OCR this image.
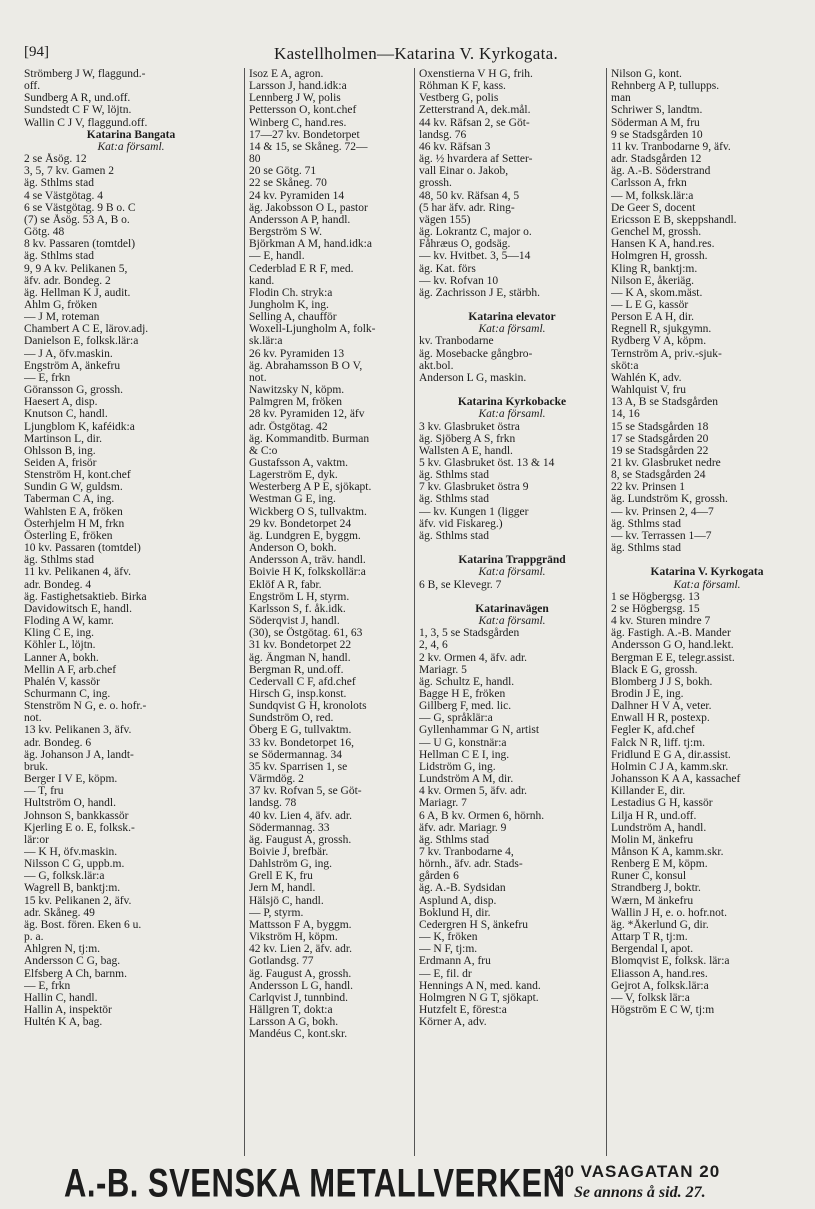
[94]	Kastellholmen—Katarina V. Kyrkogata.
Strömberg J W, flaggund.-
off.
Sundberg A R, und.off.
Sundstedt C F W, löjtn.
Wallin C J V, flaggund.off.
Katarina Bangata
Kat:a församl.
2 se Åsög. 12
3, 5, 7 kv. Gamen 2
äg. Sthlms stad
4 se Västgötag. 4
6 se Västgötag. 9 B o. C
(7) se Åsög. 53 A, B o.
Götg. 48
8 kv. Passaren (tomtdel)
äg. Sthlms stad
9, 9 A kv. Pelikanen 5,
äfv. adr. Bondeg. 2
äg. Hellman K J, audit.
Ahlm G, fröken
— J M, roteman
Chambert A C E, lärov.adj.
Danielson E, folksk.lär:a
— J A, öfv.maskin.
Engström A, änkefru
— E, frkn
Göransson G, grossh.
Haesert A, disp.
Knutson C, handl.
Ljungblom K, kaféidk:a
Martinson L, dir.
Ohlsson B, ing.
Seiden A, frisör
Stenström H, kont.chef
Sundin G W, guldsm.
Taberman C A, ing.
Wahlsten E A, fröken
Österhjelm H M, frkn
Österling E, fröken
10 kv. Passaren (tomtdel)
äg. Sthlms stad
11 kv. Pelikanen 4, äfv.
adr. Bondeg. 4
äg. Fastighetsaktieb. Birka
Davidowitsch E, handl.
Floding A W, kamr.
Kling C E, ing.
Köhler L, löjtn.
Lanner A, bokh.
Mellin A F, arb.chef
Phalén V, kassör
Schurmann C, ing.
Stenström N G, e. o. hofr.-
not.
13 kv. Pelikanen 3, äfv.
adr. Bondeg. 6
äg. Johanson J A, landt-
bruk.
Berger I V E, köpm.
— T, fru
Hultström O, handl.
Johnson S, bankkassör
Kjerling E o. E, folksk.-
lär:or
— K H, öfv.maskin.
Nilsson C G, uppb.m.
— G, folksk.lär:a
Wagrell B, banktj:m.
15 kv. Pelikanen 2, äfv.
adr. Skåneg. 49
äg. Bost. fören. Eken 6 u.
p. a.
Ahlgren N, tj:m.
Andersson C G, bag.
Elfsberg A Ch, barnm.
— E, frkn
Hallin C, handl.
Hallin A, inspektör
Hultén K A, bag.
Isoz E A, agron.
Larsson J, hand.idk:a
Lennberg J W, polis
Pettersson O, kont.chef
Winberg C, hand.res.
17—27 kv. Bondetorpet
14 & 15, se Skåneg. 72—
80
20 se Götg. 71
22 se Skåneg. 70
24 kv. Pyramiden 14
äg. Jakobsson O L, pastor
Andersson A P, handl.
Bergström S W.
Björkman A M, hand.idk:a
— E, handl.
Cederblad E R F, med.
kand.
Flodin Ch. stryk:a
Jungholm K, ing.
Selling A, chaufför
Woxell-Ljungholm A, folk-
sk.lär:a
26 kv. Pyramiden 13
äg. Abrahamsson B O V,
not.
Nawitzsky N, köpm.
Palmgren M, fröken
28 kv. Pyramiden 12, äfv
adr. Östgötag. 42
äg. Kommanditb. Burman
& C:o
Gustafsson A, vaktm.
Lagerström E, dyk.
Westerberg A P E, sjökapt.
Westman G E, ing.
Wickberg O S, tullvaktm.
29 kv. Bondetorpet 24
äg. Lundgren E, byggm.
Anderson O, bokh.
Andersson A, träv. handl.
Boivie H K, folkskollär:a
Eklöf A R, fabr.
Engström L H, styrm.
Karlsson S, f. åk.idk.
Söderqvist J, handl.
(30), se Östgötag. 61, 63
31 kv. Bondetorpet 22
äg. Ängman N, handl.
Bergman R, und.off.
Cedervall C F, afd.chef
Hirsch G, insp.konst.
Sundqvist G H, kronolots
Sundström O, red.
Öberg E G, tullvaktm.
33 kv. Bondetorpet 16,
se Södermannag. 34
35 kv. Sparrisen 1, se
Värmdög. 2
37 kv. Rofvan 5, se Göt-
landsg. 78
40 kv. Lien 4, äfv. adr.
Södermannag. 33
äg. Faugust A, grossh.
Boivie J, brefbär.
Dahlström G, ing.
Grell E K, fru
Jern M, handl.
Hälsjö C, handl.
— P, styrm.
Mattsson F A, byggm.
Vikström H, köpm.
42 kv. Lien 2, äfv. adr.
Gotlandsg. 77
äg. Faugust A, grossh.
Andersson L G, handl.
Carlqvist J, tunnbind.
Hällgren T, dokt:a
Larsson A G, bokh.
Mandéus C, kont.skr.
Oxenstierna V H G, frih.
Röhman K F, kass.
Vestberg G, polis
Zetterstrand A, dek.mål.
44 kv. Räfsan 2, se Göt-
landsg. 76
46 kv. Räfsan 3
äg. ½ hvardera af Setter-
vall Einar o. Jakob,
grossh.
48, 50 kv. Räfsan 4, 5
(5 har äfv. adr. Ring-
vägen 155)
äg. Lokrantz C, major o.
Fåhræus O, godsäg.
— kv. Hvitbet. 3, 5—14
äg. Kat. förs
— kv. Rofvan 10
äg. Zachrisson J E, stärbh.
Katarina elevator
Kat:a församl.
kv. Tranbodarne
äg. Mosebacke gångbro-
akt.bol.
Anderson L G, maskin.
Katarina Kyrkobacke
Kat:a församl.
3 kv. Glasbruket östra
äg. Sjöberg A S, frkn
Wallsten A E, handl.
5 kv. Glasbruket öst. 13 & 14
äg. Sthlms stad
7 kv. Glasbruket östra 9
äg. Sthlms stad
— kv. Kungen 1 (ligger
äfv. vid Fiskareg.)
äg. Sthlms stad
Katarina Trappgränd
Kat:a församl.
6 B, se Klevegr. 7
Katarinavägen
Kat:a församl.
1, 3, 5 se Stadsgården
2, 4, 6
2 kv. Ormen 4, äfv. adr.
Mariagr. 5
äg. Schultz E, handl.
Bagge H E, fröken
Gillberg F, med. lic.
— G, språklär:a
Gyllenhammar G N, artist
— U G, konstnär:a
Hellman C E I, ing.
Lidström G, ing.
Lundström A M, dir.
4 kv. Ormen 5, äfv. adr.
Mariagr. 7
6 A, B kv. Ormen 6, hörnh.
äfv. adr. Mariagr. 9
äg. Sthlms stad
7 kv. Tranbodarne 4,
hörnh., äfv. adr. Stads-
gården 6
äg. A.-B. Sydsidan
Asplund A, disp.
Boklund H, dir.
Cedergren H S, änkefru
— K, fröken
— N F, tj:m.
Erdmann A, fru
— E, fil. dr
Hennings A N, med. kand.
Holmgren N G T, sjökapt.
Hutzfelt E, förest:a
Körner A, adv.
Nilson G, kont.
Rehnberg A P, tullupps.
man
Schriwer S, landtm.
Söderman A M, fru
9 se Stadsgården 10
11 kv. Tranbodarne 9, äfv.
adr. Stadsgården 12
äg. A.-B. Söderstrand
Carlsson A, frkn
— M, folksk.lär:a
De Geer S, docent
Ericsson E B, skeppshandl.
Genchel M, grossh.
Hansen K A, hand.res.
Holmgren H, grossh.
Kling R, banktj:m.
Nilson E, åkeriäg.
— K A, skom.mäst.
— L E G, kassör
Person E A H, dir.
Regnell R, sjukgymn.
Rydberg V A, köpm.
Ternström A, priv.-sjuk-
sköt:a
Wahlén K, adv.
Wahlquist V, fru
13 A, B se Stadsgården
14, 16
15 se Stadsgården 18
17 se Stadsgården 20
19 se Stadsgården 22
21 kv. Glasbruket nedre
8, se Stadsgården 24
22 kv. Prinsen 1
äg. Lundström K, grossh.
— kv. Prinsen 2, 4—7
äg. Sthlms stad
— kv. Terrassen 1—7
äg. Sthlms stad
Katarina V. Kyrkogata
Kat:a församl.
1 se Högbergsg. 13
2 se Högbergsg. 15
4 kv. Sturen mindre 7
äg. Fastigh. A.-B. Mander
Andersson G O, hand.lekt.
Bergman E E, telegr.assist.
Black E G, grossh.
Blomberg J J S, bokh.
Brodin J E, ing.
Dalhner H V A, veter.
Enwall H R, postexp.
Fegler K, afd.chef
Falck N R, liff. tj:m.
Fridlund E G A, dir.assist.
Holmin C J A, kamm.skr.
Johansson K A A, kassachef
Killander E, dir.
Lestadius G H, kassör
Lilja H R, und.off.
Lundström A, handl.
Molin M, änkefru
Månson K A, kamm.skr.
Renberg E M, köpm.
Runer C, konsul
Strandberg J, boktr.
Wærn, M änkefru
Wallin J H, e. o. hofr.not.
äg. *Åkerlund G, dir.
Attarp T R, tj:m.
Bergendal I, apot.
Blomqvist E, folksk. lär:a
Eliasson A, hand.res.
Gejrot A, folksk.lär:a
— V, folksk lär:a
Högström E C W, tj:m
A.-B. SVENSKA METALLVERKEN
20 VASAGATAN 20
Se annons å sid. 27.
